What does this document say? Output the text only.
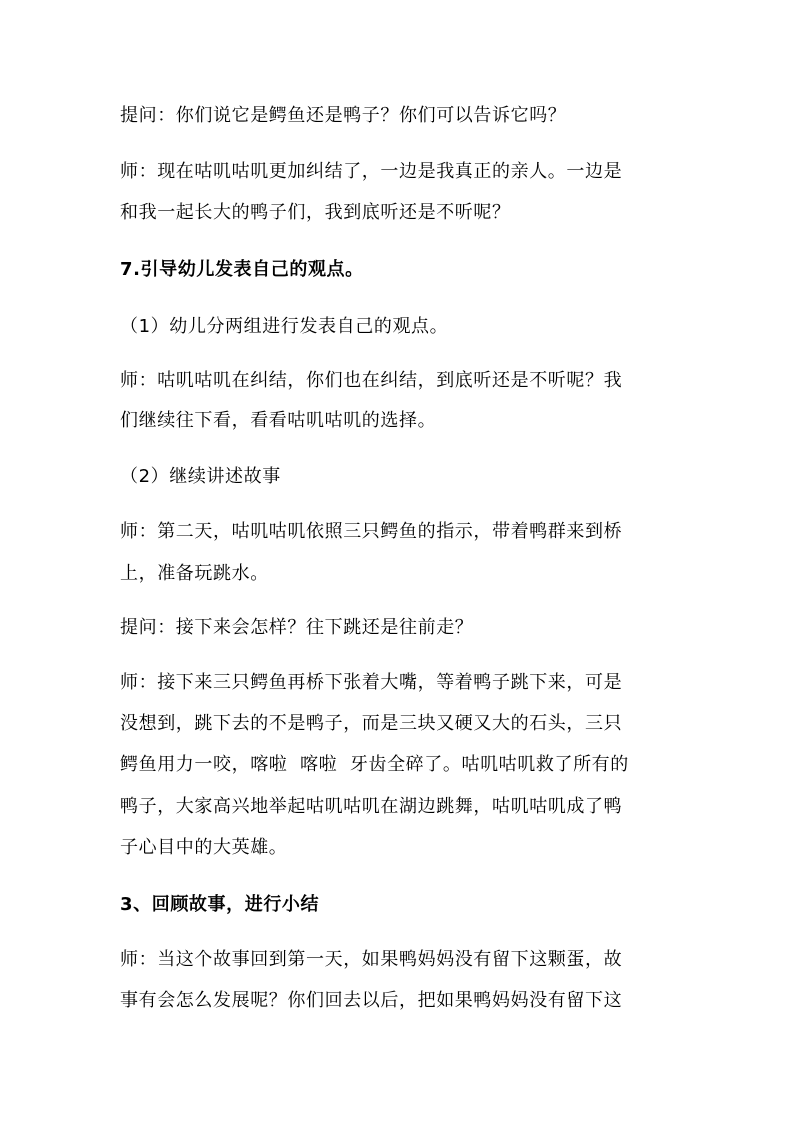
提问：你们说它是鳄鱼还是鸭子？你们可以告诉它吗？
师：现在咕叽咕叽更加纠结了，一边是我真正的亲人。一边是
和我一起长大的鸭子们，我到底听还是不听呢？
7.引导幼儿发表自己的观点。
（1）幼儿分两组进行发表自己的观点。
师：咕叽咕叽在纠结，你们也在纠结，到底听还是不听呢？我
们继续往下看，看看咕叽咕叽的选择。
（2）继续讲述故事
师：第二天，咕叽咕叽依照三只鳄鱼的指示，带着鸭群来到桥
上，准备玩跳水。
提问：接下来会怎样？往下跳还是往前走？
师：接下来三只鳄鱼再桥下张着大嘴，等着鸭子跳下来，可是
没想到，跳下去的不是鸭子，而是三块又硬又大的石头，三只
鳄鱼用力一咬，喀啦  喀啦  牙齿全碎了。咕叽咕叽救了所有的
鸭子，大家高兴地举起咕叽咕叽在湖边跳舞，咕叽咕叽成了鸭
子心目中的大英雄。
3、回顾故事，进行小结
师：当这个故事回到第一天，如果鸭妈妈没有留下这颗蛋，故
事有会怎么发展呢？你们回去以后，把如果鸭妈妈没有留下这
